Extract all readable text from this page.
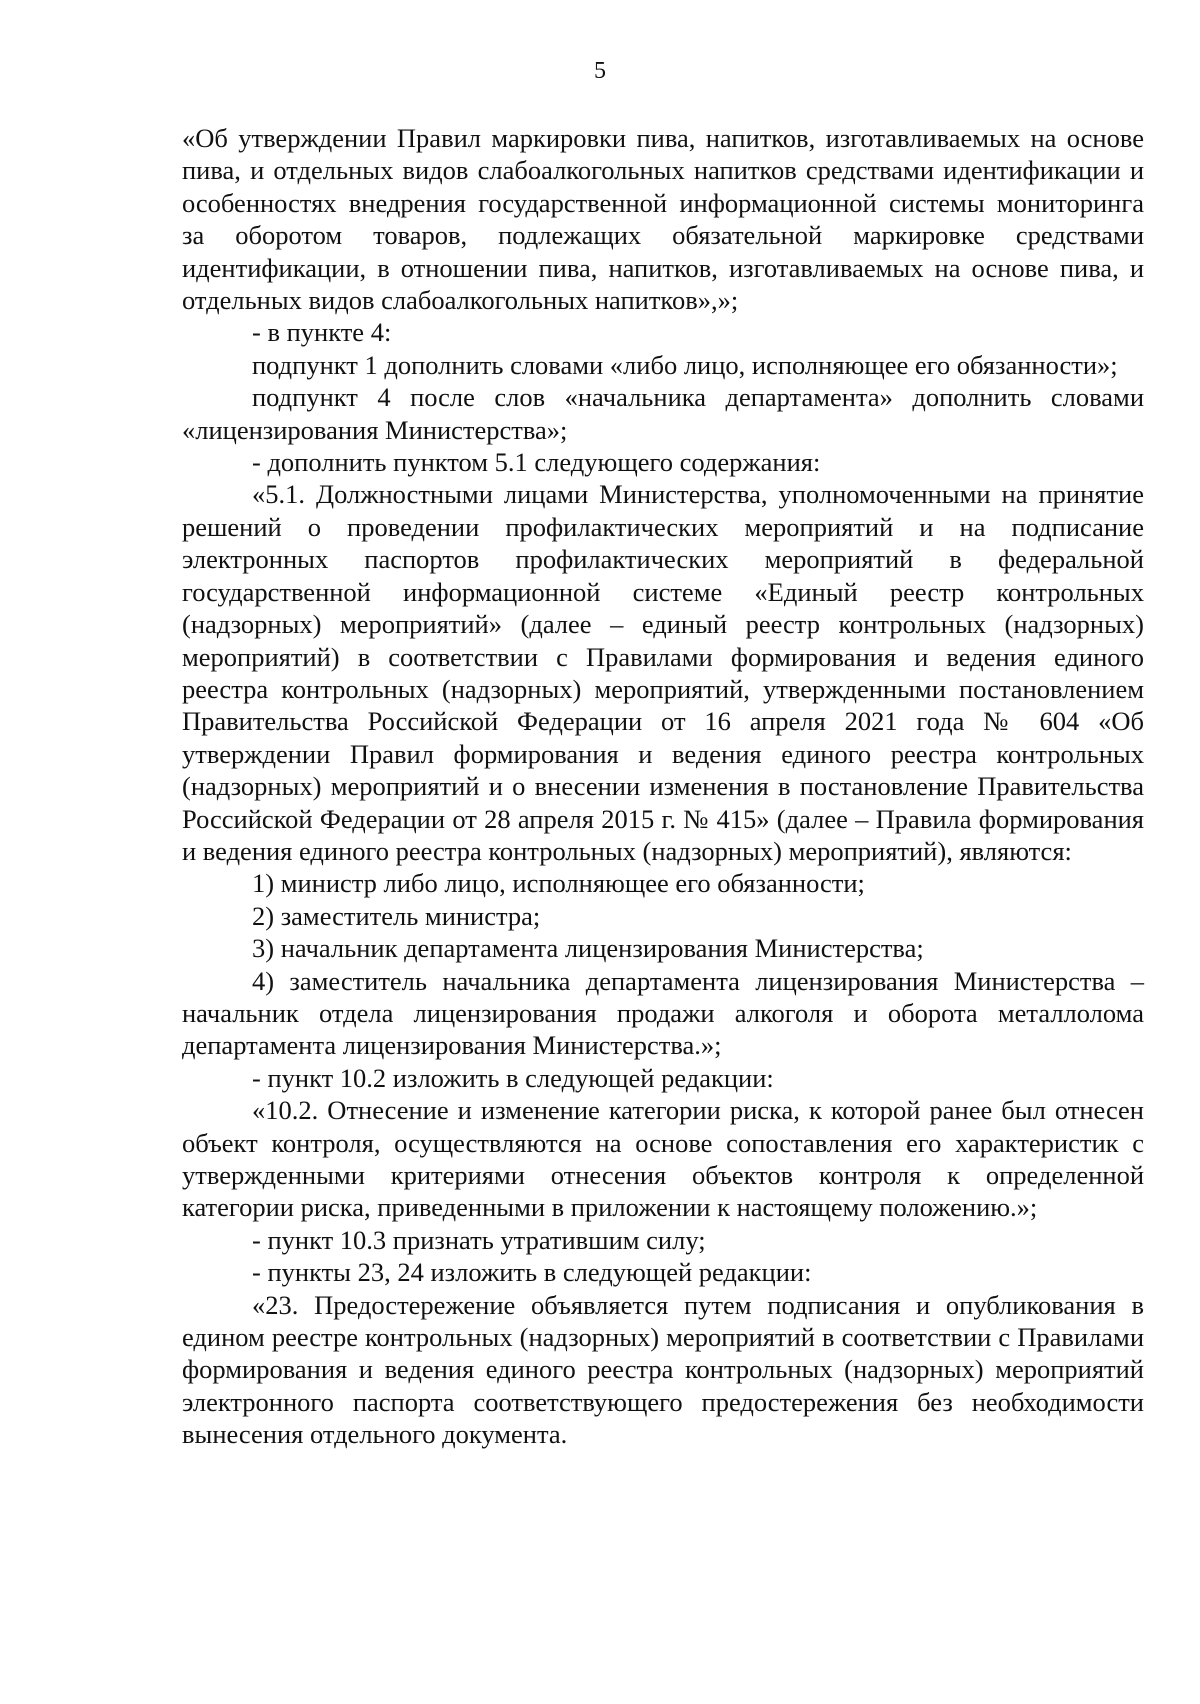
5

«Об утверждении Правил маркировки пива, напитков, изготавливаемых на основе пива, и отдельных видов слабоалкогольных напитков средствами идентификации и особенностях внедрения государственной информационной системы мониторинга за оборотом товаров, подлежащих обязательной маркировке средствами идентификации, в отношении пива, напитков, изготавливаемых на основе пива, и отдельных видов слабоалкогольных напитков»,»;

- в пункте 4:

подпункт 1 дополнить словами «либо лицо, исполняющее его обязанности»;

подпункт 4 после слов «начальника департамента» дополнить словами «лицензирования Министерства»;

- дополнить пунктом 5.1 следующего содержания:

«5.1. Должностными лицами Министерства, уполномоченными на принятие решений о проведении профилактических мероприятий и на подписание электронных паспортов профилактических мероприятий в федеральной государственной информационной системе «Единый реестр контрольных (надзорных) мероприятий» (далее – единый реестр контрольных (надзорных) мероприятий) в соответствии с Правилами формирования и ведения единого реестра контрольных (надзорных) мероприятий, утвержденными постановлением Правительства Российской Федерации от 16 апреля 2021 года № 604 «Об утверждении Правил формирования и ведения единого реестра контрольных (надзорных) мероприятий и о внесении изменения в постановление Правительства Российской Федерации от 28 апреля 2015 г. № 415» (далее – Правила формирования и ведения единого реестра контрольных (надзорных) мероприятий), являются:

1) министр либо лицо, исполняющее его обязанности;

2) заместитель министра;

3) начальник департамента лицензирования Министерства;

4) заместитель начальника департамента лицензирования Министерства – начальник отдела лицензирования продажи алкоголя и оборота металлолома департамента лицензирования Министерства.»;

- пункт 10.2 изложить в следующей редакции:

«10.2. Отнесение и изменение категории риска, к которой ранее был отнесен объект контроля, осуществляются на основе сопоставления его характеристик с утвержденными критериями отнесения объектов контроля к определенной категории риска, приведенными в приложении к настоящему положению.»;

- пункт 10.3 признать утратившим силу;

- пункты 23, 24 изложить в следующей редакции:

«23. Предостережение объявляется путем подписания и опубликования в едином реестре контрольных (надзорных) мероприятий в соответствии с Правилами формирования и ведения единого реестра контрольных (надзорных) мероприятий электронного паспорта соответствующего предостережения без необходимости вынесения отдельного документа.
